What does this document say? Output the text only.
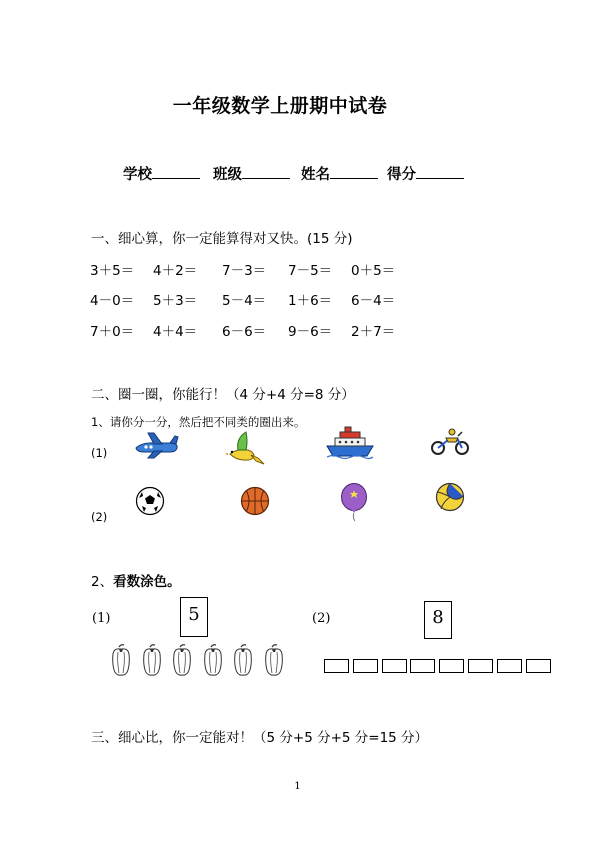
一年级数学上册期中试卷
学校	班级	姓名	得分
一、细心算，你一定能算得对又快。(15 分)
3＋5＝ 4＋2＝ 7－3＝ 7－5＝ 0＋5＝
4－0＝ 5＋3＝ 5－4＝ 1＋6＝ 6－4＝
7＋0＝ 4＋4＝ 6－6＝ 9－6＝ 2＋7＝
二、圈一圈，你能行！（4 分+4 分=8 分）
1、请你分一分，然后把不同类的圈出来。
(1)
(2)
2、看数涂色。
(1)	5	(2)	8
三、细心比，你一定能对！（5 分+5 分+5 分=15 分）
1
